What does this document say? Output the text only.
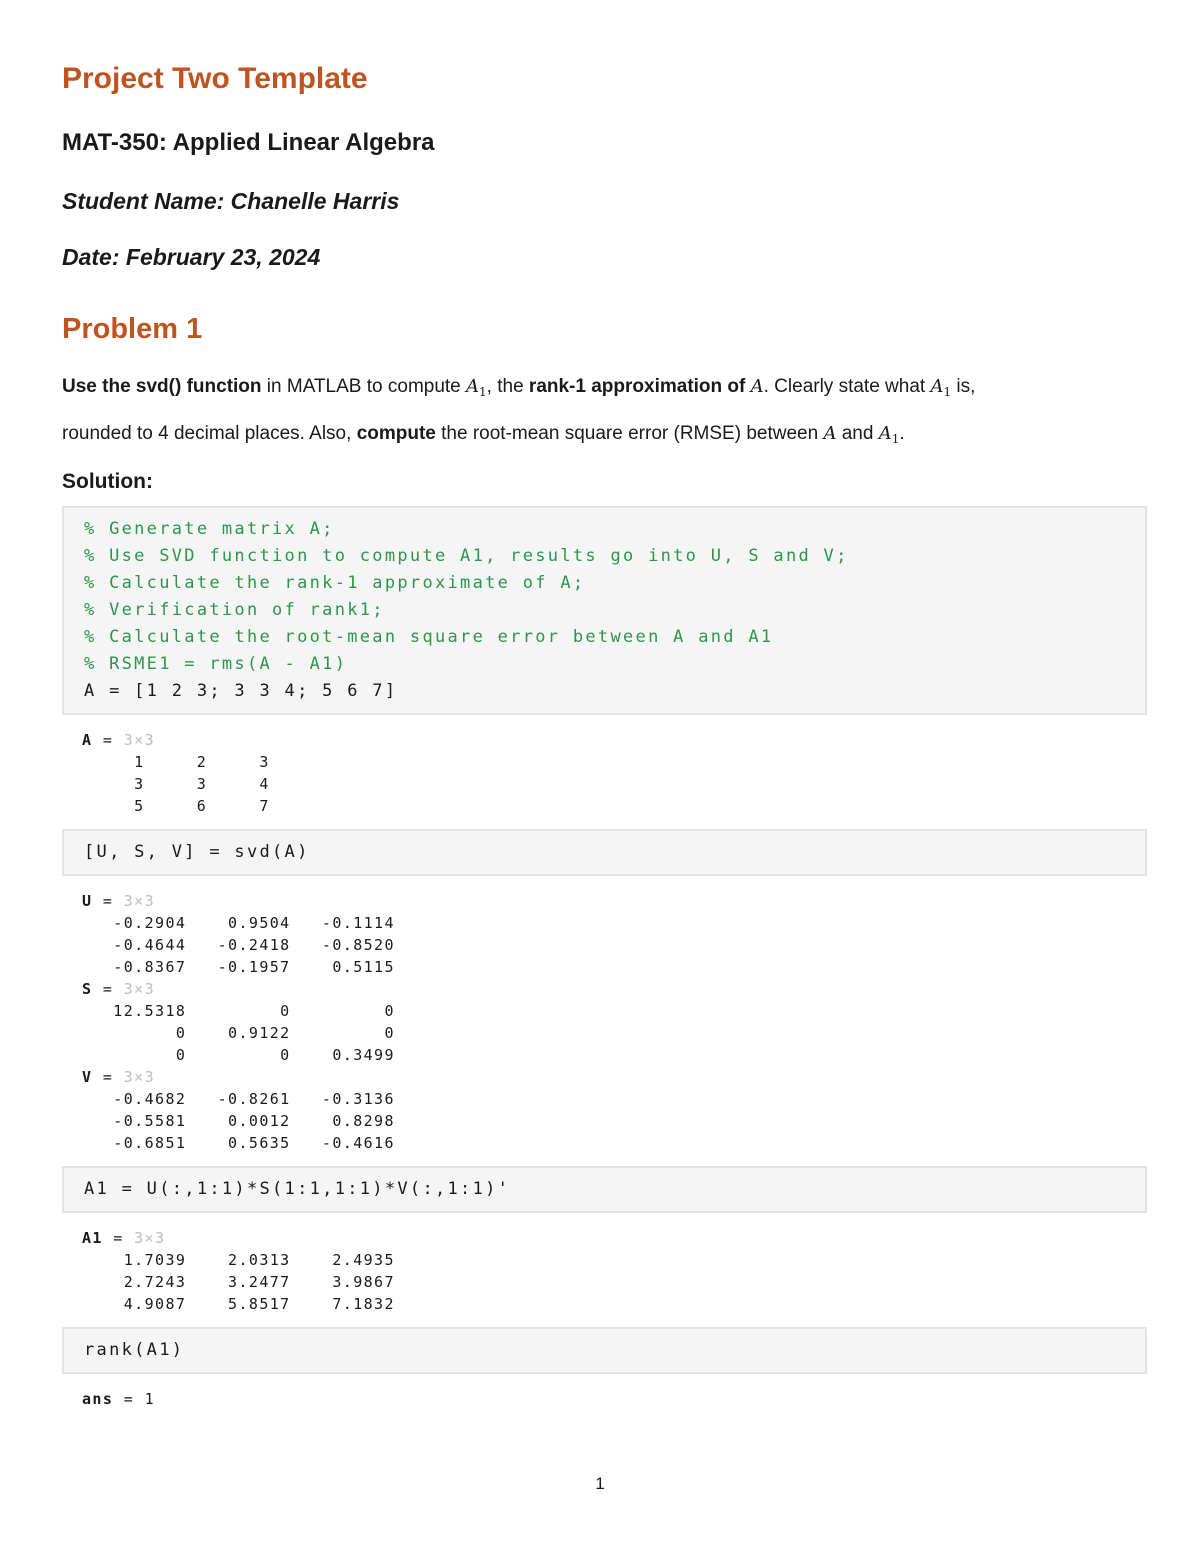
Project Two Template
MAT-350: Applied Linear Algebra

Student Name: Chanelle Harris

Date: February 23, 2024

Problem 1
Use the svd() function in MATLAB to compute $A_1$, the rank-1 approximation of A. Clearly state what $A_1$ is,
rounded to 4 decimal places. Also, compute the root-mean square error (RMSE) between A and $A_1$.

Solution:

% Generate matrix A;
% Use SVD function to compute A1, results go into U, S and V;
% Calculate the rank-1 approximate of A;
% Verification of rank1;
% Calculate the root-mean square error between A and A1
% RSME1 = rms(A - A1)
A = [1 2 3; 3 3 4; 5 6 7]
A = 3×3
1     2     3
3     3     4
5     6     7
[U, S, V] = svd(A)
U = 3×3
-0.2904    0.9504   -0.1114
-0.4644   -0.2418   -0.8520
-0.8367   -0.1957    0.5115
S = 3×3
12.5318         0         0
0    0.9122         0
0         0    0.3499
V = 3×3
-0.4682   -0.8261   -0.3136
-0.5581    0.0012    0.8298
-0.6851    0.5635   -0.4616
A1 = U(:,1:1)*S(1:1,1:1)*V(:,1:1)'
A1 = 3×3
1.7039    2.0313    2.4935
2.7243    3.2477    3.9867
4.9087    5.8517    7.1832
rank(A1)
ans = 1
1
